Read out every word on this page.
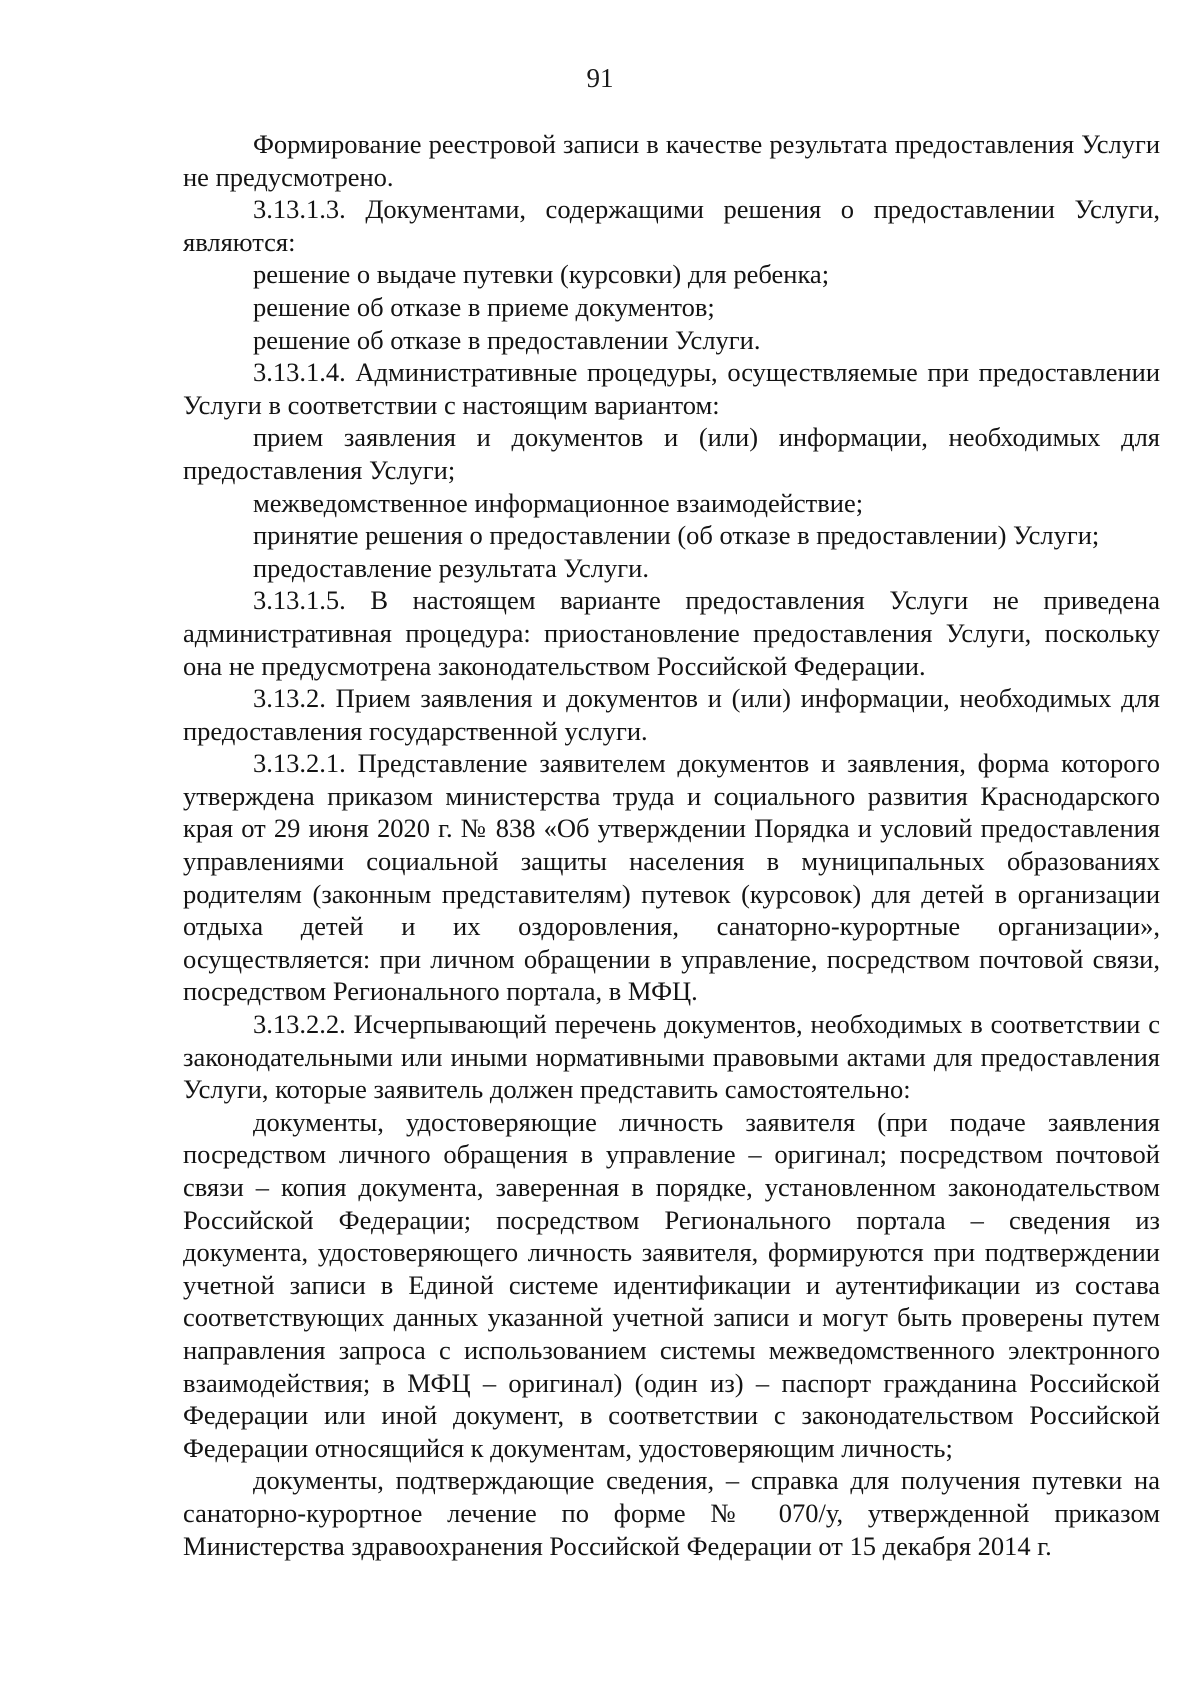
91

Формирование реестровой записи в качестве результата предоставления Услуги не предусмотрено.

3.13.1.3. Документами, содержащими решения о предоставлении Услуги, являются:

решение о выдаче путевки (курсовки) для ребенка;

решение об отказе в приеме документов;

решение об отказе в предоставлении Услуги.

3.13.1.4. Административные процедуры, осуществляемые при предоставлении Услуги в соответствии с настоящим вариантом:

прием заявления и документов и (или) информации, необходимых для предоставления Услуги;

межведомственное информационное взаимодействие;

принятие решения о предоставлении (об отказе в предоставлении) Услуги;

предоставление результата Услуги.

3.13.1.5. В настоящем варианте предоставления Услуги не приведена административная процедура: приостановление предоставления Услуги, поскольку она не предусмотрена законодательством Российской Федерации.

3.13.2. Прием заявления и документов и (или) информации, необходимых для предоставления государственной услуги.

3.13.2.1. Представление заявителем документов и заявления, форма которого утверждена приказом министерства труда и социального развития Краснодарского края от 29 июня 2020 г. № 838 «Об утверждении Порядка и условий предоставления управлениями социальной защиты населения в муниципальных образованиях родителям (законным представителям) путевок (курсовок) для детей в организации отдыха детей и их оздоровления, санаторно-курортные организации», осуществляется: при личном обращении в управление, посредством почтовой связи, посредством Регионального портала, в МФЦ.

3.13.2.2. Исчерпывающий перечень документов, необходимых в соответствии с законодательными или иными нормативными правовыми актами для предоставления Услуги, которые заявитель должен представить самостоятельно:

документы, удостоверяющие личность заявителя (при подаче заявления посредством личного обращения в управление – оригинал; посредством почтовой связи – копия документа, заверенная в порядке, установленном законодательством Российской Федерации; посредством Регионального портала – сведения из документа, удостоверяющего личность заявителя, формируются при подтверждении учетной записи в Единой системе идентификации и аутентификации из состава соответствующих данных указанной учетной записи и могут быть проверены путем направления запроса с использованием системы межведомственного электронного взаимодействия; в МФЦ – оригинал) (один из) – паспорт гражданина Российской Федерации или иной документ, в соответствии с законодательством Российской Федерации относящийся к документам, удостоверяющим личность;

документы, подтверждающие сведения, – справка для получения путевки на санаторно-курортное лечение по форме № 070/у, утвержденной приказом Министерства здравоохранения Российской Федерации от 15 декабря 2014 г.
